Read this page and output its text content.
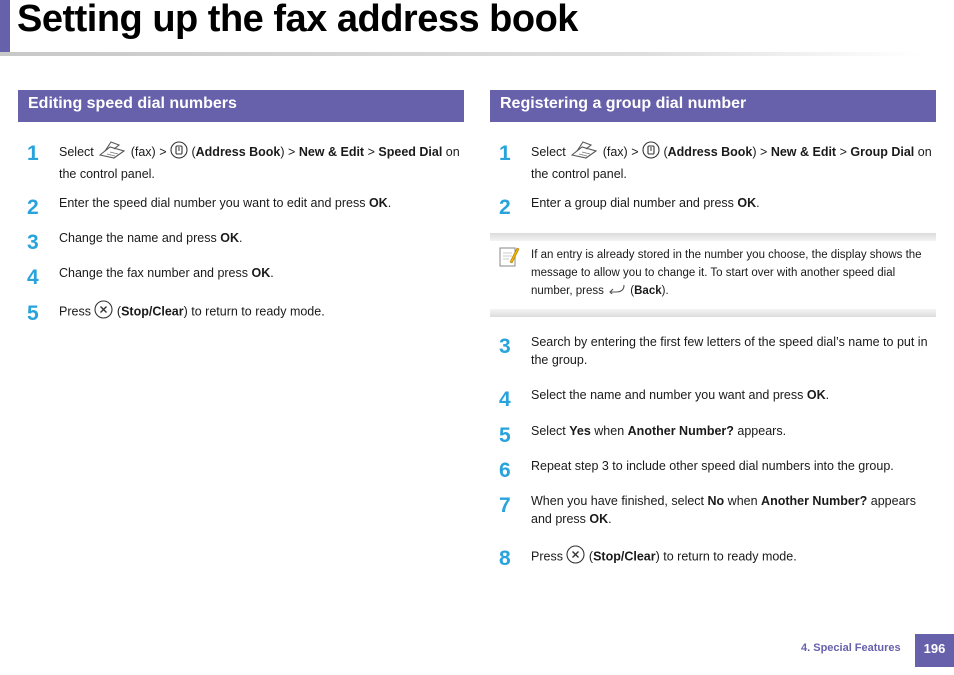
Setting up the fax address book
Editing speed dial numbers
1 Select	(fax) > (Address Book) > New & Edit > Speed Dial on the control panel.
2 Enter the speed dial number you want to edit and press OK.
3 Change the name and press OK.
4 Change the fax number and press OK.
5 Press (Stop/Clear) to return to ready mode.
Registering a group dial number
1 Select	(fax) > (Address Book) > New & Edit > Group Dial on the control panel.
2 Enter a group dial number and press OK.
If an entry is already stored in the number you choose, the display shows the message to allow you to change it. To start over with another speed dial number, press (Back).
3 Search by entering the first few letters of the speed dial’s name to put in the group.
4 Select the name and number you want and press OK.
5 Select Yes when Another Number? appears.
6 Repeat step 3 to include other speed dial numbers into the group.
7 When you have finished, select No when Another Number? appears and press OK.
8 Press (Stop/Clear) to return to ready mode.
4. Special Features	196
